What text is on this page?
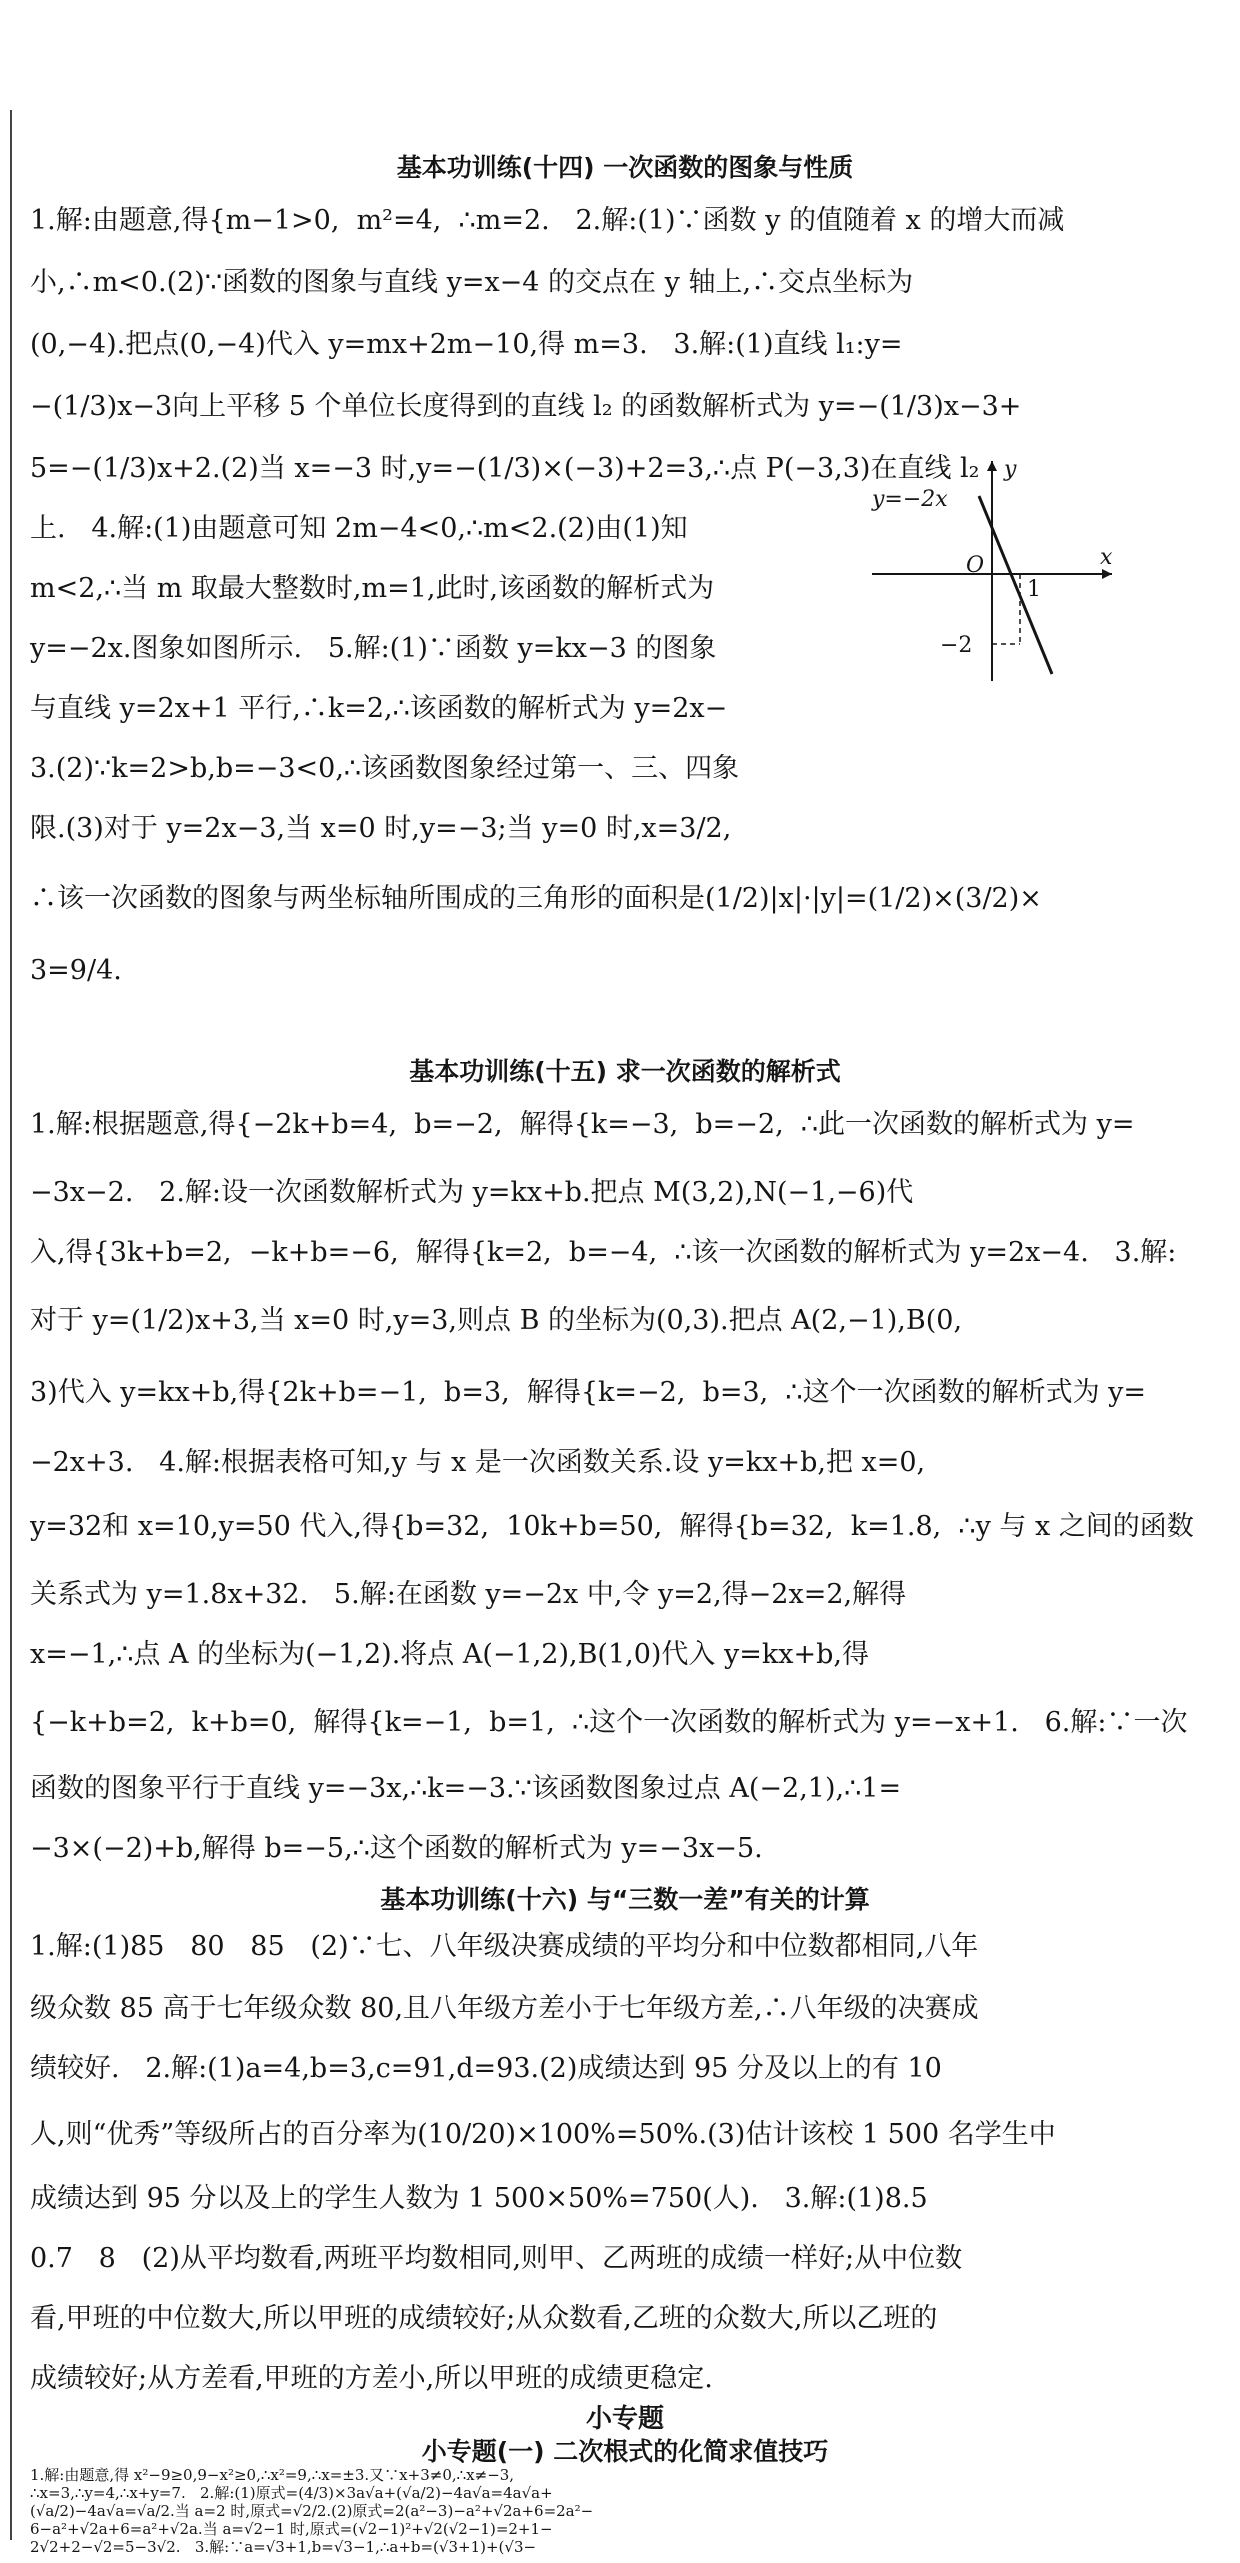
基本功训练(十四) 一次函数的图象与性质
1.解:由题意,得{m−1>0,  m²=4,  ∴m=2.   2.解:(1)∵函数 y 的值随着 x 的增大而减
小,∴m<0.(2)∵函数的图象与直线 y=x−4 的交点在 y 轴上,∴交点坐标为
(0,−4).把点(0,−4)代入 y=mx+2m−10,得 m=3.   3.解:(1)直线 l₁:y=
−(1/3)x−3向上平移 5 个单位长度得到的直线 l₂ 的函数解析式为 y=−(1/3)x−3+
5=−(1/3)x+2.(2)当 x=−3 时,y=−(1/3)×(−3)+2=3,∴点 P(−3,3)在直线 l₂
上.   4.解:(1)由题意可知 2m−4<0,∴m<2.(2)由(1)知
m<2,∴当 m 取最大整数时,m=1,此时,该函数的解析式为
y=−2x.图象如图所示.   5.解:(1)∵函数 y=kx−3 的图象
与直线 y=2x+1 平行,∴k=2,∴该函数的解析式为 y=2x−
3.(2)∵k=2>b,b=−3<0,∴该函数图象经过第一、三、四象
限.(3)对于 y=2x−3,当 x=0 时,y=−3;当 y=0 时,x=3/2,
∴该一次函数的图象与两坐标轴所围成的三角形的面积是(1/2)|x|·|y|=(1/2)×(3/2)×
3=9/4.
y=−2x
y
x
O
1
−2
基本功训练(十五) 求一次函数的解析式
1.解:根据题意,得{−2k+b=4,  b=−2,  解得{k=−3,  b=−2,  ∴此一次函数的解析式为 y=
−3x−2.   2.解:设一次函数解析式为 y=kx+b.把点 M(3,2),N(−1,−6)代
入,得{3k+b=2,  −k+b=−6,  解得{k=2,  b=−4,  ∴该一次函数的解析式为 y=2x−4.   3.解:
对于 y=(1/2)x+3,当 x=0 时,y=3,则点 B 的坐标为(0,3).把点 A(2,−1),B(0,
3)代入 y=kx+b,得{2k+b=−1,  b=3,  解得{k=−2,  b=3,  ∴这个一次函数的解析式为 y=
−2x+3.   4.解:根据表格可知,y 与 x 是一次函数关系.设 y=kx+b,把 x=0,
y=32和 x=10,y=50 代入,得{b=32,  10k+b=50,  解得{b=32,  k=1.8,  ∴y 与 x 之间的函数
关系式为 y=1.8x+32.   5.解:在函数 y=−2x 中,令 y=2,得−2x=2,解得
x=−1,∴点 A 的坐标为(−1,2).将点 A(−1,2),B(1,0)代入 y=kx+b,得
{−k+b=2,  k+b=0,  解得{k=−1,  b=1,  ∴这个一次函数的解析式为 y=−x+1.   6.解:∵一次
函数的图象平行于直线 y=−3x,∴k=−3.∵该函数图象过点 A(−2,1),∴1=
−3×(−2)+b,解得 b=−5,∴这个函数的解析式为 y=−3x−5.
基本功训练(十六) 与“三数一差”有关的计算
1.解:(1)85   80   85   (2)∵七、八年级决赛成绩的平均分和中位数都相同,八年
级众数 85 高于七年级众数 80,且八年级方差小于七年级方差,∴八年级的决赛成
绩较好.   2.解:(1)a=4,b=3,c=91,d=93.(2)成绩达到 95 分及以上的有 10
人,则“优秀”等级所占的百分率为(10/20)×100%=50%.(3)估计该校 1 500 名学生中
成绩达到 95 分以及上的学生人数为 1 500×50%=750(人).   3.解:(1)8.5
0.7   8   (2)从平均数看,两班平均数相同,则甲、乙两班的成绩一样好;从中位数
看,甲班的中位数大,所以甲班的成绩较好;从众数看,乙班的众数大,所以乙班的
成绩较好;从方差看,甲班的方差小,所以甲班的成绩更稳定.
小专题
小专题(一) 二次根式的化简求值技巧
1.解:由题意,得 x²−9≥0,9−x²≥0,∴x²=9,∴x=±3.又∵x+3≠0,∴x≠−3,
∴x=3,∴y=4,∴x+y=7.   2.解:(1)原式=(4/3)×3a√a+(√a/2)−4a√a=4a√a+
(√a/2)−4a√a=√a/2.当 a=2 时,原式=√2/2.(2)原式=2(a²−3)−a²+√2a+6=2a²−
6−a²+√2a+6=a²+√2a.当 a=√2−1 时,原式=(√2−1)²+√2(√2−1)=2+1−
2√2+2−√2=5−3√2.   3.解:∵a=√3+1,b=√3−1,∴a+b=(√3+1)+(√3−
